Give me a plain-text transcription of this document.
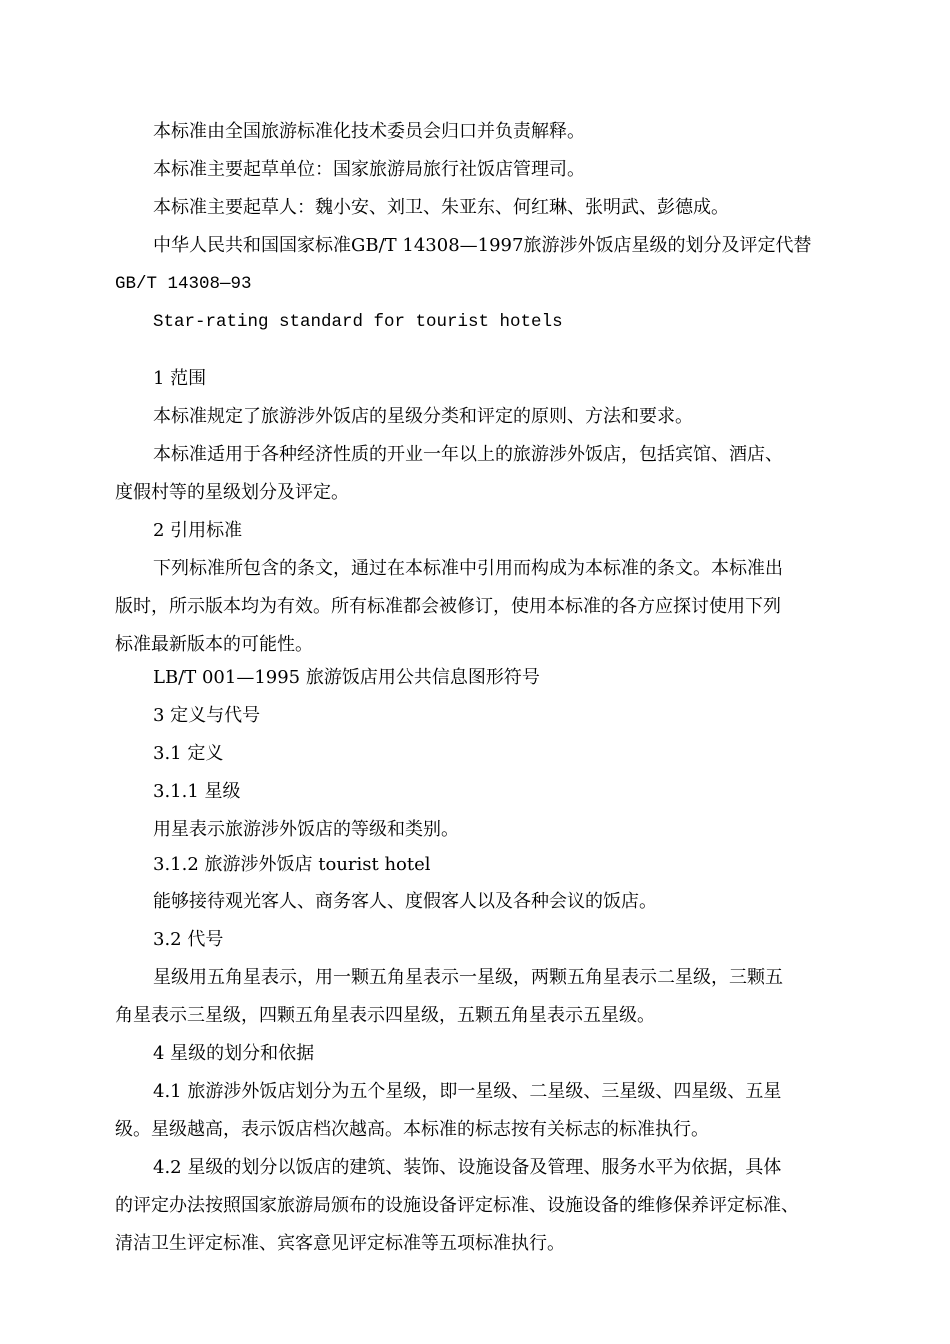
本标准由全国旅游标准化技术委员会归口并负责解释。
本标准主要起草单位：国家旅游局旅行社饭店管理司。
本标准主要起草人：魏小安、刘卫、朱亚东、何红琳、张明武、彭德成。
中华人民共和国国家标准GB/T 14308—1997旅游涉外饭店星级的划分及评定代替
GB/T 14308—93
Star-rating standard for tourist hotels
1 范围
本标准规定了旅游涉外饭店的星级分类和评定的原则、方法和要求。
本标准适用于各种经济性质的开业一年以上的旅游涉外饭店，包括宾馆、酒店、
度假村等的星级划分及评定。
2 引用标准
下列标准所包含的条文，通过在本标准中引用而构成为本标准的条文。本标准出
版时，所示版本均为有效。所有标准都会被修订，使用本标准的各方应探讨使用下列
标准最新版本的可能性。
LB/T 001—1995 旅游饭店用公共信息图形符号
3 定义与代号
3.1 定义
3.1.1 星级
用星表示旅游涉外饭店的等级和类别。
3.1.2 旅游涉外饭店 tourist hotel
能够接待观光客人、商务客人、度假客人以及各种会议的饭店。
3.2 代号
星级用五角星表示，用一颗五角星表示一星级，两颗五角星表示二星级，三颗五
角星表示三星级，四颗五角星表示四星级，五颗五角星表示五星级。
4 星级的划分和依据
4.1 旅游涉外饭店划分为五个星级，即一星级、二星级、三星级、四星级、五星
级。星级越高，表示饭店档次越高。本标准的标志按有关标志的标准执行。
4.2 星级的划分以饭店的建筑、装饰、设施设备及管理、服务水平为依据，具体
的评定办法按照国家旅游局颁布的设施设备评定标准、设施设备的维修保养评定标准、
清洁卫生评定标准、宾客意见评定标准等五项标准执行。
